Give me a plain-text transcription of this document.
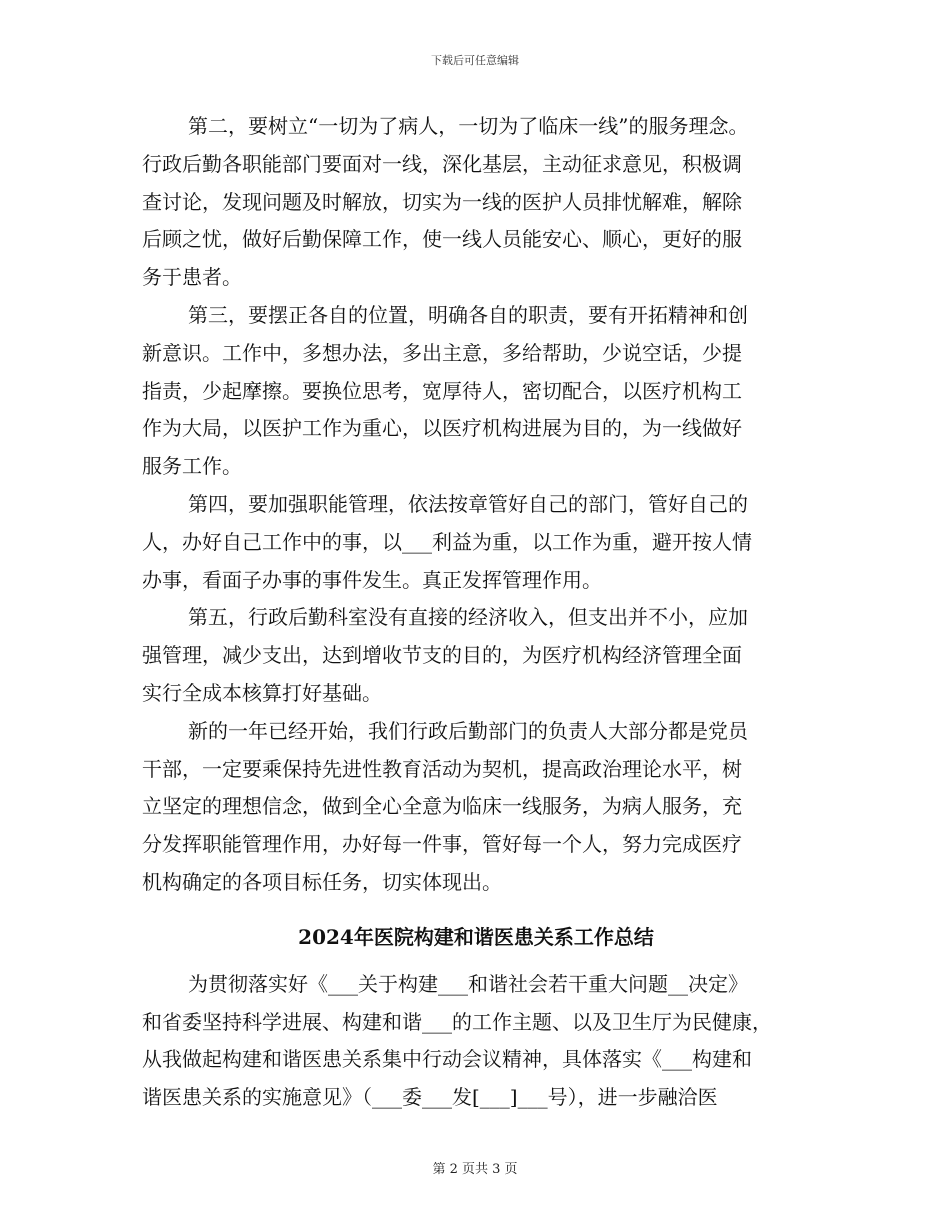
下载后可任意编辑
第二，要树立“一切为了病人，一切为了临床一线”的服务理念。
行政后勤各职能部门要面对一线，深化基层，主动征求意见，积极调
查讨论，发现问题及时解放，切实为一线的医护人员排忧解难，解除
后顾之忧，做好后勤保障工作，使一线人员能安心、顺心，更好的服
务于患者。
第三，要摆正各自的位置，明确各自的职责，要有开拓精神和创
新意识。工作中，多想办法，多出主意，多给帮助，少说空话，少提
指责，少起摩擦。要换位思考，宽厚待人，密切配合，以医疗机构工
作为大局，以医护工作为重心，以医疗机构进展为目的，为一线做好
服务工作。
第四，要加强职能管理，依法按章管好自己的部门，管好自己的
人，办好自己工作中的事，以___利益为重，以工作为重，避开按人情
办事，看面子办事的事件发生。真正发挥管理作用。
第五，行政后勤科室没有直接的经济收入，但支出并不小，应加
强管理，减少支出，达到增收节支的目的，为医疗机构经济管理全面
实行全成本核算打好基础。
新的一年已经开始，我们行政后勤部门的负责人大部分都是党员
干部，一定要乘保持先进性教育活动为契机，提高政治理论水平，树
立坚定的理想信念，做到全心全意为临床一线服务，为病人服务，充
分发挥职能管理作用，办好每一件事，管好每一个人，努力完成医疗
机构确定的各项目标任务，切实体现出。
2024年医院构建和谐医患关系工作总结
为贯彻落实好《___关于构建___和谐社会若干重大问题__决定》
和省委坚持科学进展、构建和谐___的工作主题、以及卫生厅为民健康，
从我做起构建和谐医患关系集中行动会议精神，具体落实《___构建和
谐医患关系的实施意见》（___委___发[___]___号），进一步融洽医
第 2 页共 3 页
